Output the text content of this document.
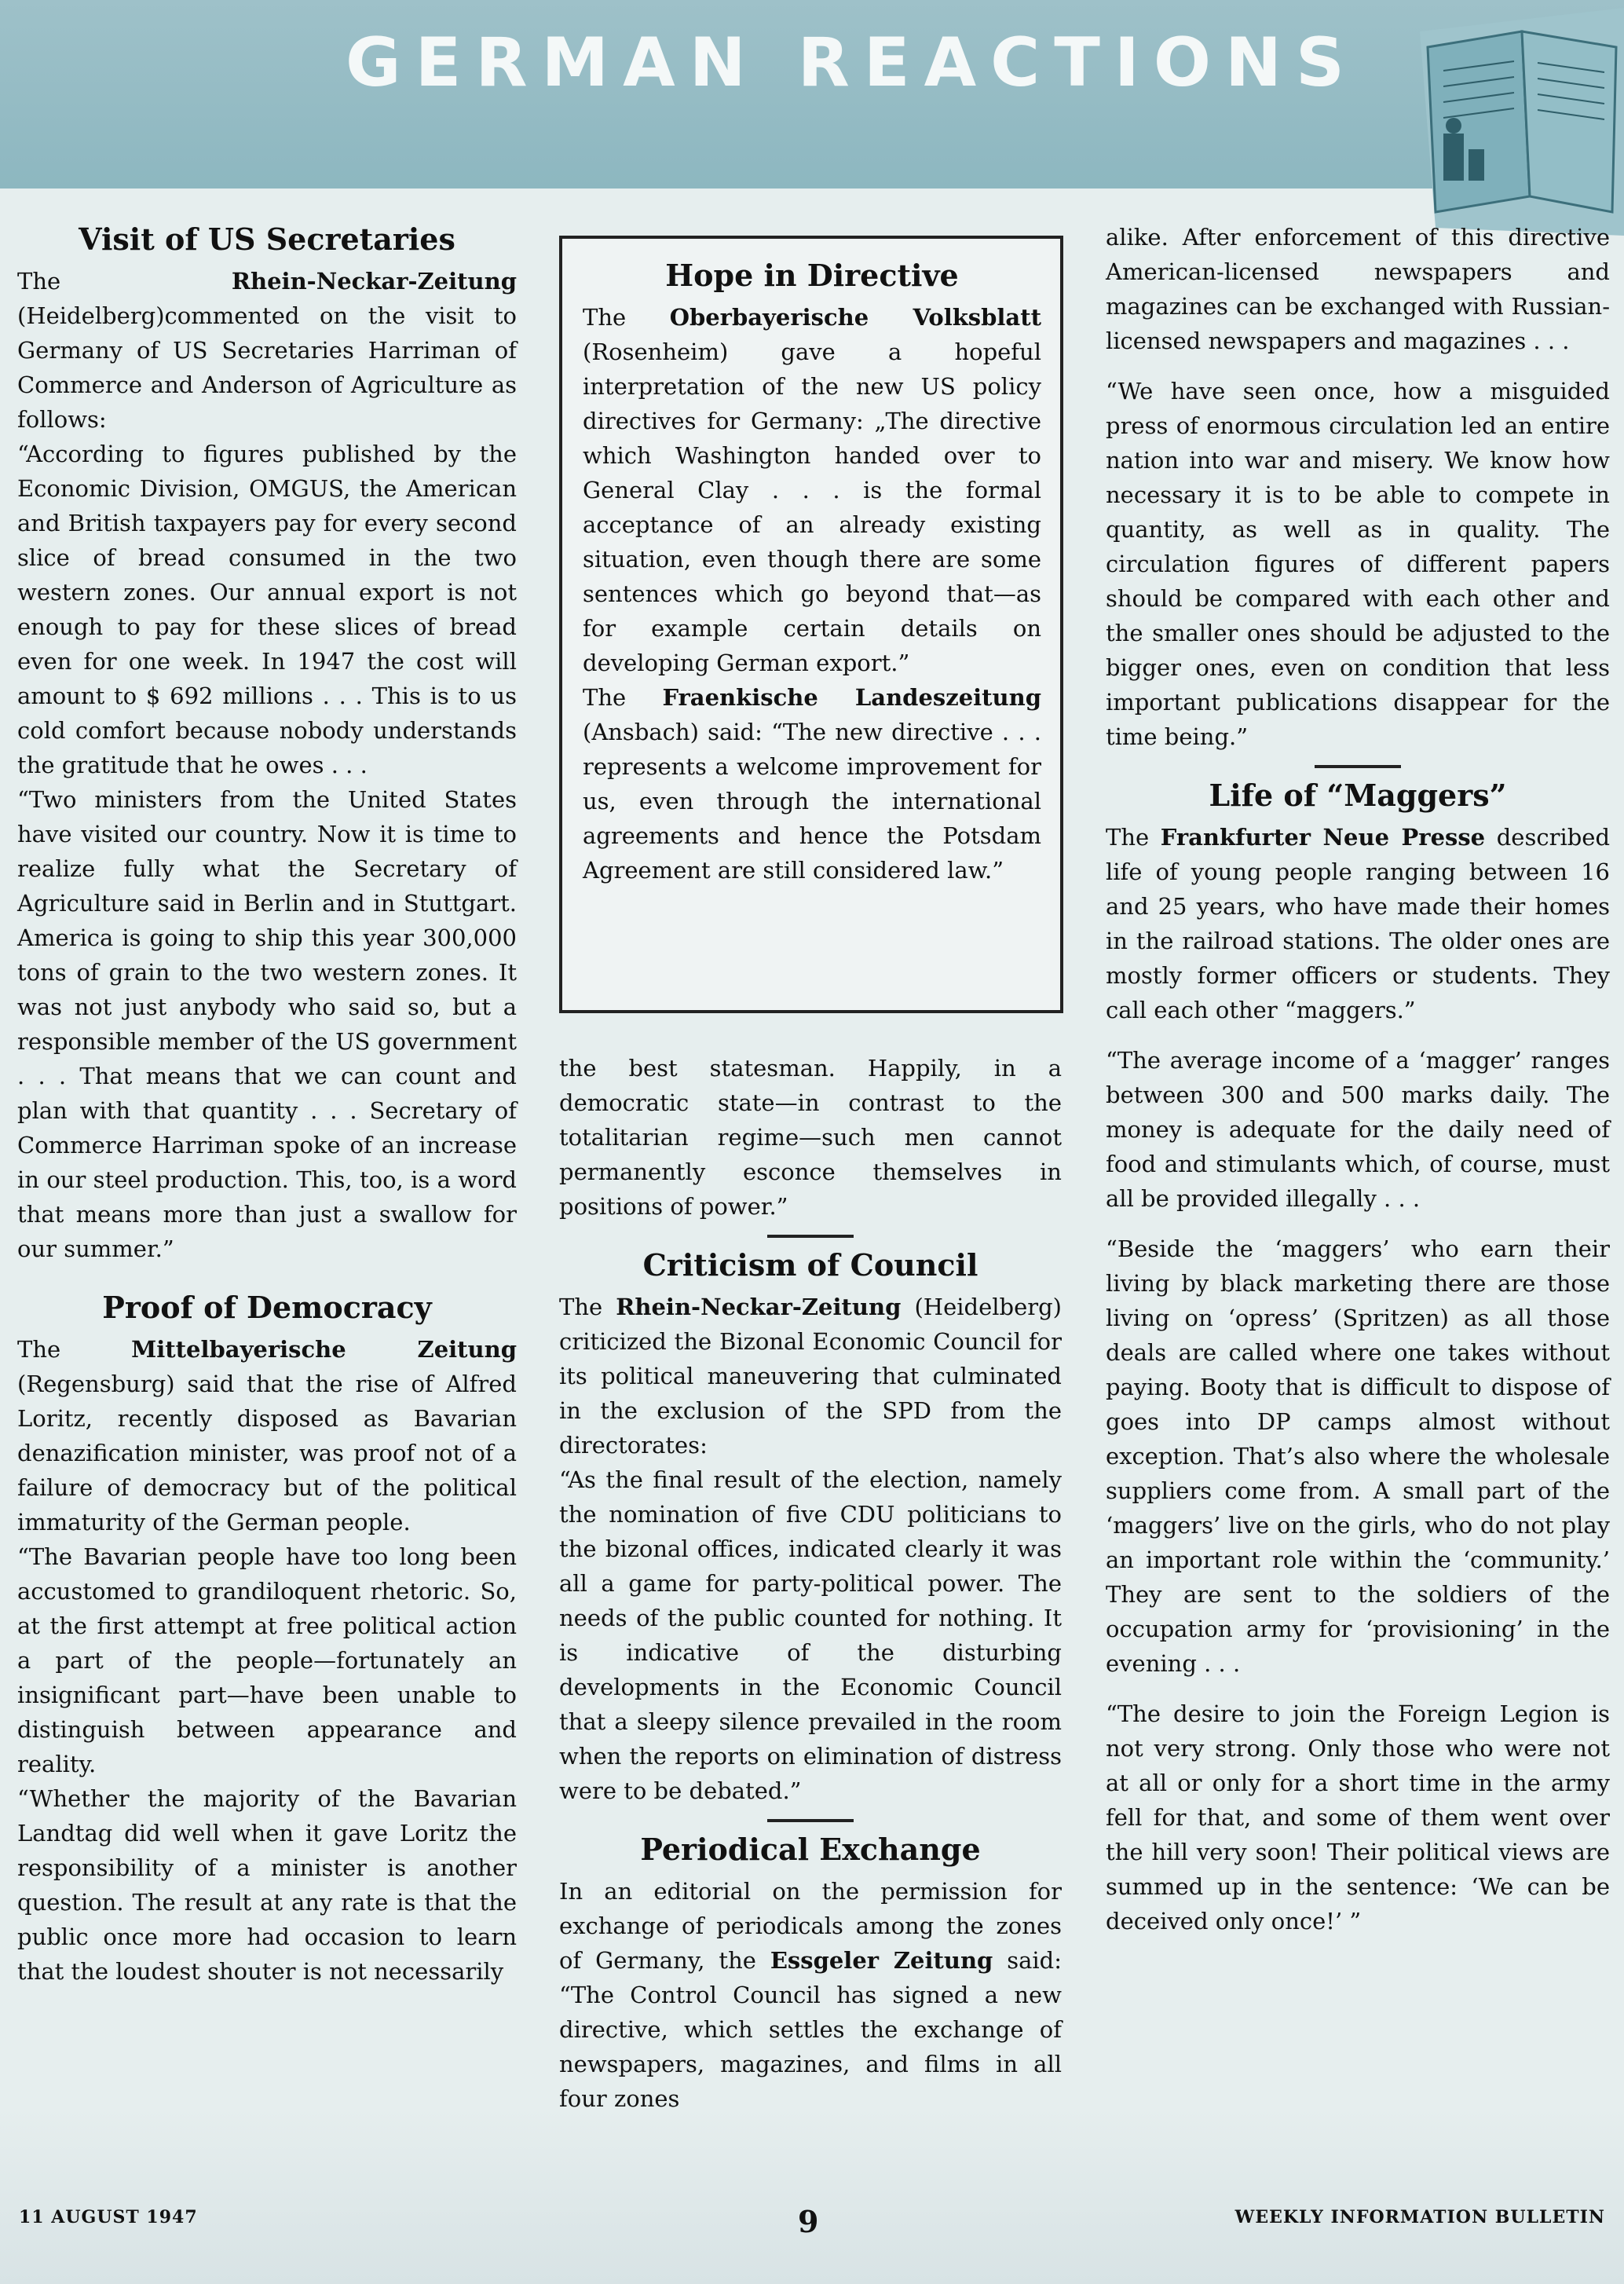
GERMAN REACTIONS
Visit of US Secretaries

The Rhein-Neckar-Zeitung (Heidelberg)commented on the visit to Germany of US Secretaries Harriman of Commerce and Anderson of Agriculture as follows:

“According to figures published by the Economic Division, OMGUS, the American and British taxpayers pay for every second slice of bread consumed in the two western zones. Our annual export is not enough to pay for these slices of bread even for one week. In 1947 the cost will amount to $ 692 millions . . . This is to us cold comfort because nobody understands the gratitude that he owes . . .

“Two ministers from the United States have visited our country. Now it is time to realize fully what the Secretary of Agriculture said in Berlin and in Stuttgart. America is going to ship this year 300,000 tons of grain to the two western zones. It was not just anybody who said so, but a responsible member of the US government . . . That means that we can count and plan with that quantity . . . Secretary of Commerce Harriman spoke of an increase in our steel production. This, too, is a word that means more than just a swallow for our summer.”

Proof of Democracy

The Mittelbayerische Zeitung (Regensburg) said that the rise of Alfred Loritz, recently disposed as Bavarian denazification minister, was proof not of a failure of democracy but of the political immaturity of the German people.

“The Bavarian people have too long been accustomed to grandiloquent rhetoric. So, at the first attempt at free political action a part of the people—fortunately an insignificant part—have been unable to distinguish between appearance and reality.

“Whether the majority of the Bavarian Landtag did well when it gave Loritz the responsibility of a minister is another question. The result at any rate is that the public once more had occasion to learn that the loudest shouter is not necessarily

Hope in Directive

The Oberbayerische Volksblatt (Rosenheim) gave a hopeful interpretation of the new US policy directives for Germany: „The directive which Washington handed over to General Clay . . . is the formal acceptance of an already existing situation, even though there are some sentences which go beyond that—as for example certain details on developing German export.”

The Fraenkische Landeszeitung (Ansbach) said: “The new directive . . . represents a welcome improvement for us, even through the international agreements and hence the Potsdam Agreement are still considered law.”

the best statesman. Happily, in a democratic state—in contrast to the totalitarian regime—such men cannot permanently esconce themselves in positions of power.”

Criticism of Council

The Rhein-Neckar-Zeitung (Heidelberg) criticized the Bizonal Economic Council for its political maneuvering that culminated in the exclusion of the SPD from the directorates:

“As the final result of the election, namely the nomination of five CDU politicians to the bizonal offices, indicated clearly it was all a game for party-political power. The needs of the public counted for nothing. It is indicative of the disturbing developments in the Economic Council that a sleepy silence prevailed in the room when the reports on elimination of distress were to be debated.”

Periodical Exchange

In an editorial on the permission for exchange of periodicals among the zones of Germany, the Essgeler Zeitung said: “The Control Council has signed a new directive, which settles the exchange of newspapers, magazines, and films in all four zones

alike. After enforcement of this directive American-licensed newspapers and magazines can be exchanged with Russian-licensed newspapers and magazines . . .

“We have seen once, how a misguided press of enormous circulation led an entire nation into war and misery. We know how necessary it is to be able to compete in quantity, as well as in quality. The circulation figures of different papers should be compared with each other and the smaller ones should be adjusted to the bigger ones, even on condition that less important publications disappear for the time being.”

Life of “Maggers”

The Frankfurter Neue Presse described life of young people ranging between 16 and 25 years, who have made their homes in the railroad stations. The older ones are mostly former officers or students. They call each other “maggers.”

“The average income of a ‘magger’ ranges between 300 and 500 marks daily. The money is adequate for the daily need of food and stimulants which, of course, must all be provided illegally . . .

“Beside the ‘maggers’ who earn their living by black marketing there are those living on ‘opress’ (Spritzen) as all those deals are called where one takes without paying. Booty that is difficult to dispose of goes into DP camps almost without exception. That’s also where the wholesale suppliers come from. A small part of the ‘maggers’ live on the girls, who do not play an important role within the ‘community.’ They are sent to the soldiers of the occupation army for ‘provisioning’ in the evening . . .

“The desire to join the Foreign Legion is not very strong. Only those who were not at all or only for a short time in the army fell for that, and some of them went over the hill very soon! Their political views are summed up in the sentence: ‘We can be deceived only once!’ ”

11 AUGUST 1947	9	WEEKLY INFORMATION BULLETIN
